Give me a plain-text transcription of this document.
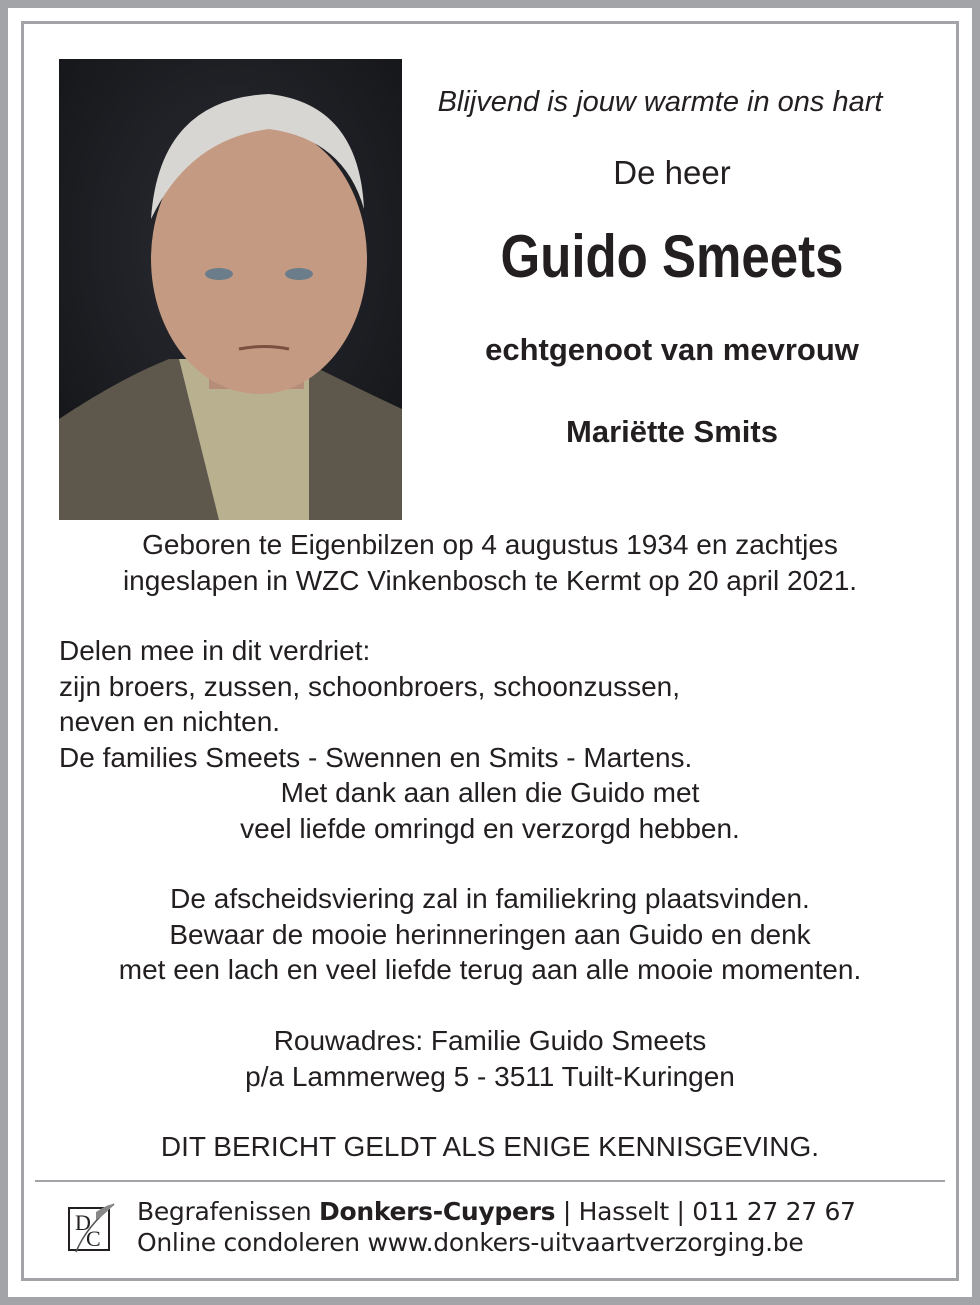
Blijvend is jouw warmte in ons hart
De heer
Guido Smeets
echtgenoot van mevrouw
Mariëtte Smits
Geboren te Eigenbilzen op 4 augustus 1934 en zachtjes
ingeslapen in WZC Vinkenbosch te Kermt op 20 april 2021.
Delen mee in dit verdriet:
zijn broers, zussen, schoonbroers, schoonzussen,
neven en nichten.
De families Smeets - Swennen en Smits - Martens.
Met dank aan allen die Guido met
veel liefde omringd en verzorgd hebben.
De afscheidsviering zal in familiekring plaatsvinden.
Bewaar de mooie herinneringen aan Guido en denk
met een lach en veel liefde terug aan alle mooie momenten.
Rouwadres: Familie Guido Smeets
p/a Lammerweg 5 - 3511 Tuilt-Kuringen
DIT BERICHT GELDT ALS ENIGE KENNISGEVING.
D
C
Begrafenissen Donkers-Cuypers | Hasselt | 011 27 27 67
Online condoleren www.donkers-uitvaartverzorging.be
